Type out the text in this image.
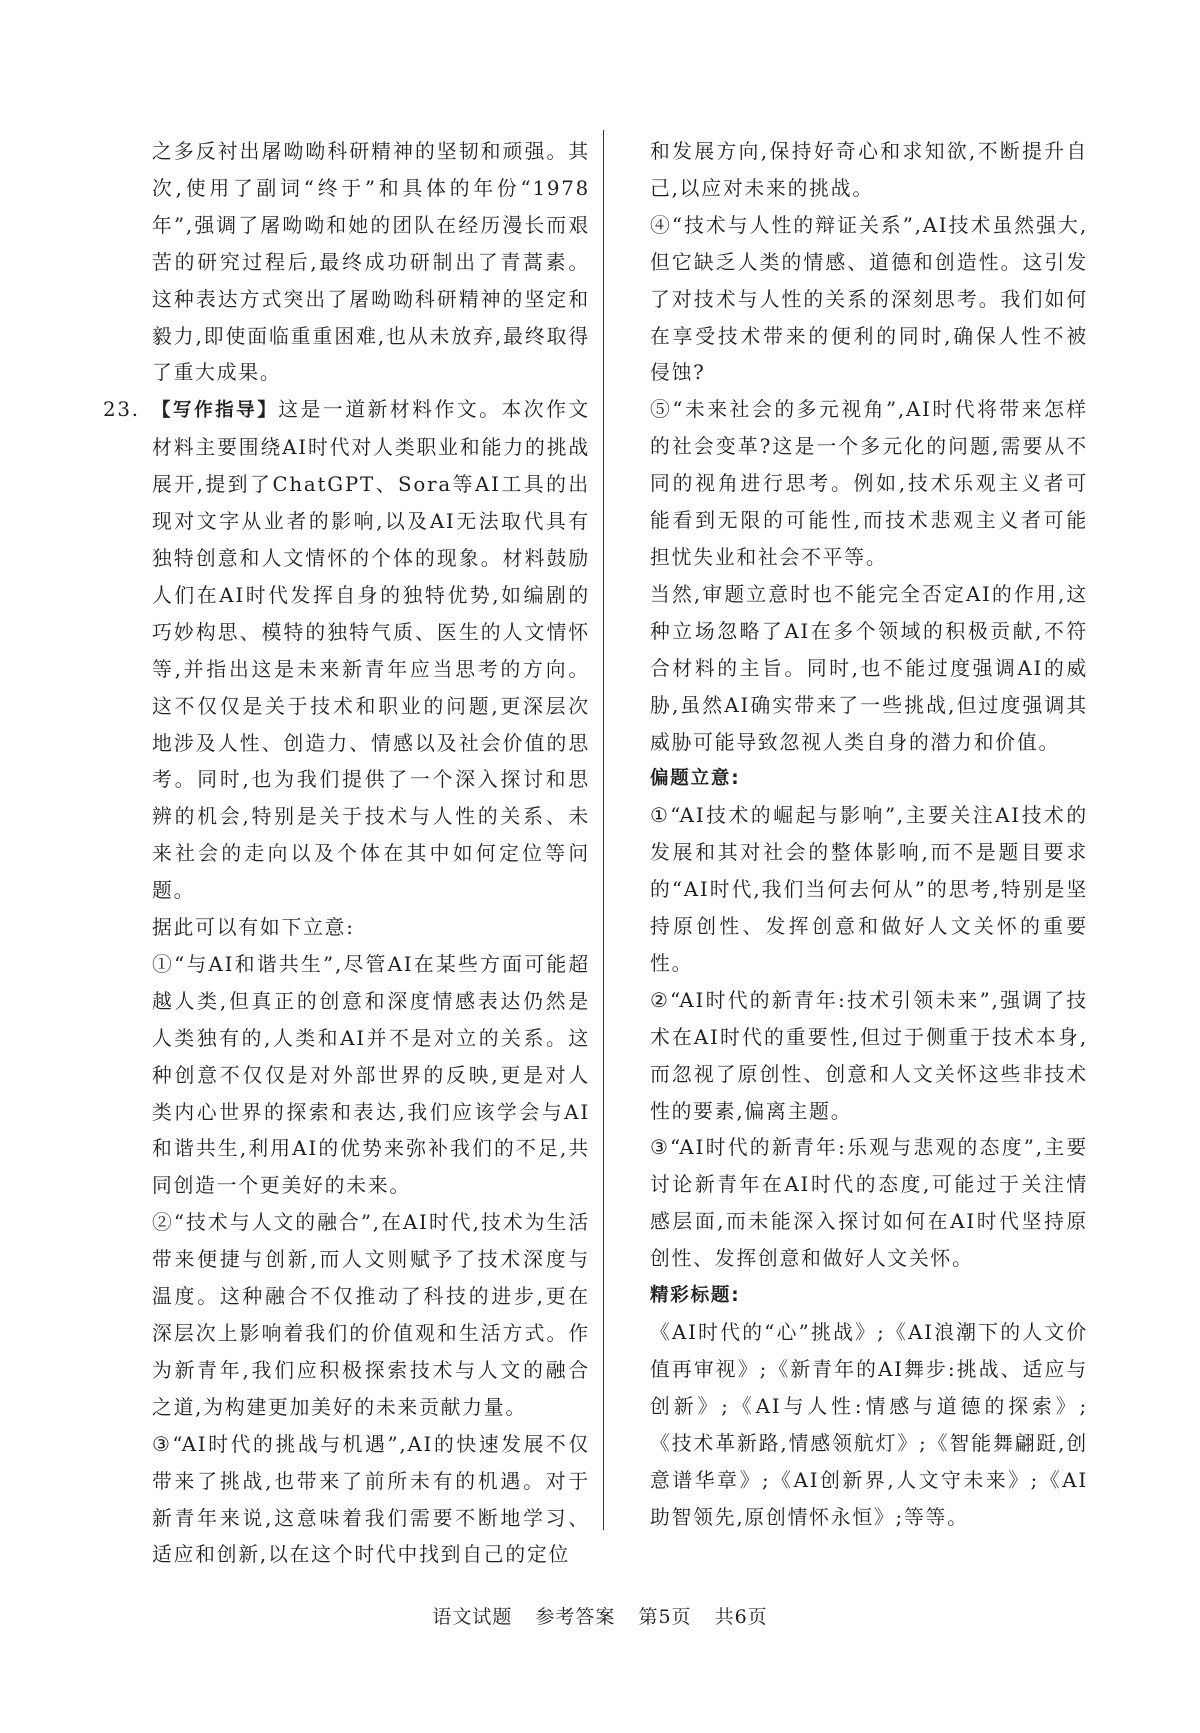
之多反衬出屠呦呦科研精神的坚韧和顽强。其次,使用了副词“终于”和具体的年份“1978年”,强调了屠呦呦和她的团队在经历漫长而艰苦的研究过程后,最终成功研制出了青蒿素。这种表达方式突出了屠呦呦科研精神的坚定和毅力,即使面临重重困难,也从未放弃,最终取得了重大成果。

23. 【写作指导】这是一道新材料作文。本次作文材料主要围绕AI时代对人类职业和能力的挑战展开,提到了ChatGPT、Sora等AI工具的出现对文字从业者的影响,以及AI无法取代具有独特创意和人文情怀的个体的现象。材料鼓励人们在AI时代发挥自身的独特优势,如编剧的巧妙构思、模特的独特气质、医生的人文情怀等,并指出这是未来新青年应当思考的方向。这不仅仅是关于技术和职业的问题,更深层次地涉及人性、创造力、情感以及社会价值的思考。同时,也为我们提供了一个深入探讨和思辨的机会,特别是关于技术与人性的关系、未来社会的走向以及个体在其中如何定位等问题。

据此可以有如下立意:

①“与AI和谐共生”,尽管AI在某些方面可能超越人类,但真正的创意和深度情感表达仍然是人类独有的,人类和AI并不是对立的关系。这种创意不仅仅是对外部世界的反映,更是对人类内心世界的探索和表达,我们应该学会与AI和谐共生,利用AI的优势来弥补我们的不足,共同创造一个更美好的未来。

②“技术与人文的融合”,在AI时代,技术为生活带来便捷与创新,而人文则赋予了技术深度与温度。这种融合不仅推动了科技的进步,更在深层次上影响着我们的价值观和生活方式。作为新青年,我们应积极探索技术与人文的融合之道,为构建更加美好的未来贡献力量。

③“AI时代的挑战与机遇”,AI的快速发展不仅带来了挑战,也带来了前所未有的机遇。对于新青年来说,这意味着我们需要不断地学习、适应和创新,以在这个时代中找到自己的定位

和发展方向,保持好奇心和求知欲,不断提升自己,以应对未来的挑战。

④“技术与人性的辩证关系”,AI技术虽然强大,但它缺乏人类的情感、道德和创造性。这引发了对技术与人性的关系的深刻思考。我们如何在享受技术带来的便利的同时,确保人性不被侵蚀?

⑤“未来社会的多元视角”,AI时代将带来怎样的社会变革?这是一个多元化的问题,需要从不同的视角进行思考。例如,技术乐观主义者可能看到无限的可能性,而技术悲观主义者可能担忧失业和社会不平等。

当然,审题立意时也不能完全否定AI的作用,这种立场忽略了AI在多个领域的积极贡献,不符合材料的主旨。同时,也不能过度强调AI的威胁,虽然AI确实带来了一些挑战,但过度强调其威胁可能导致忽视人类自身的潜力和价值。

偏题立意:

①“AI技术的崛起与影响”,主要关注AI技术的发展和其对社会的整体影响,而不是题目要求的“AI时代,我们当何去何从”的思考,特别是坚持原创性、发挥创意和做好人文关怀的重要性。

②“AI时代的新青年:技术引领未来”,强调了技术在AI时代的重要性,但过于侧重于技术本身,而忽视了原创性、创意和人文关怀这些非技术性的要素,偏离主题。

③“AI时代的新青年:乐观与悲观的态度”,主要讨论新青年在AI时代的态度,可能过于关注情感层面,而未能深入探讨如何在AI时代坚持原创性、发挥创意和做好人文关怀。

精彩标题:

《AI时代的“心”挑战》;《AI浪潮下的人文价值再审视》;《新青年的AI舞步:挑战、适应与创新》;《AI与人性:情感与道德的探索》;《技术革新路,情感领航灯》;《智能舞翩跹,创意谱华章》;《AI创新界,人文守未来》;《AI助智领先,原创情怀永恒》;等等。

语文试题 参考答案 第5页 共6页
